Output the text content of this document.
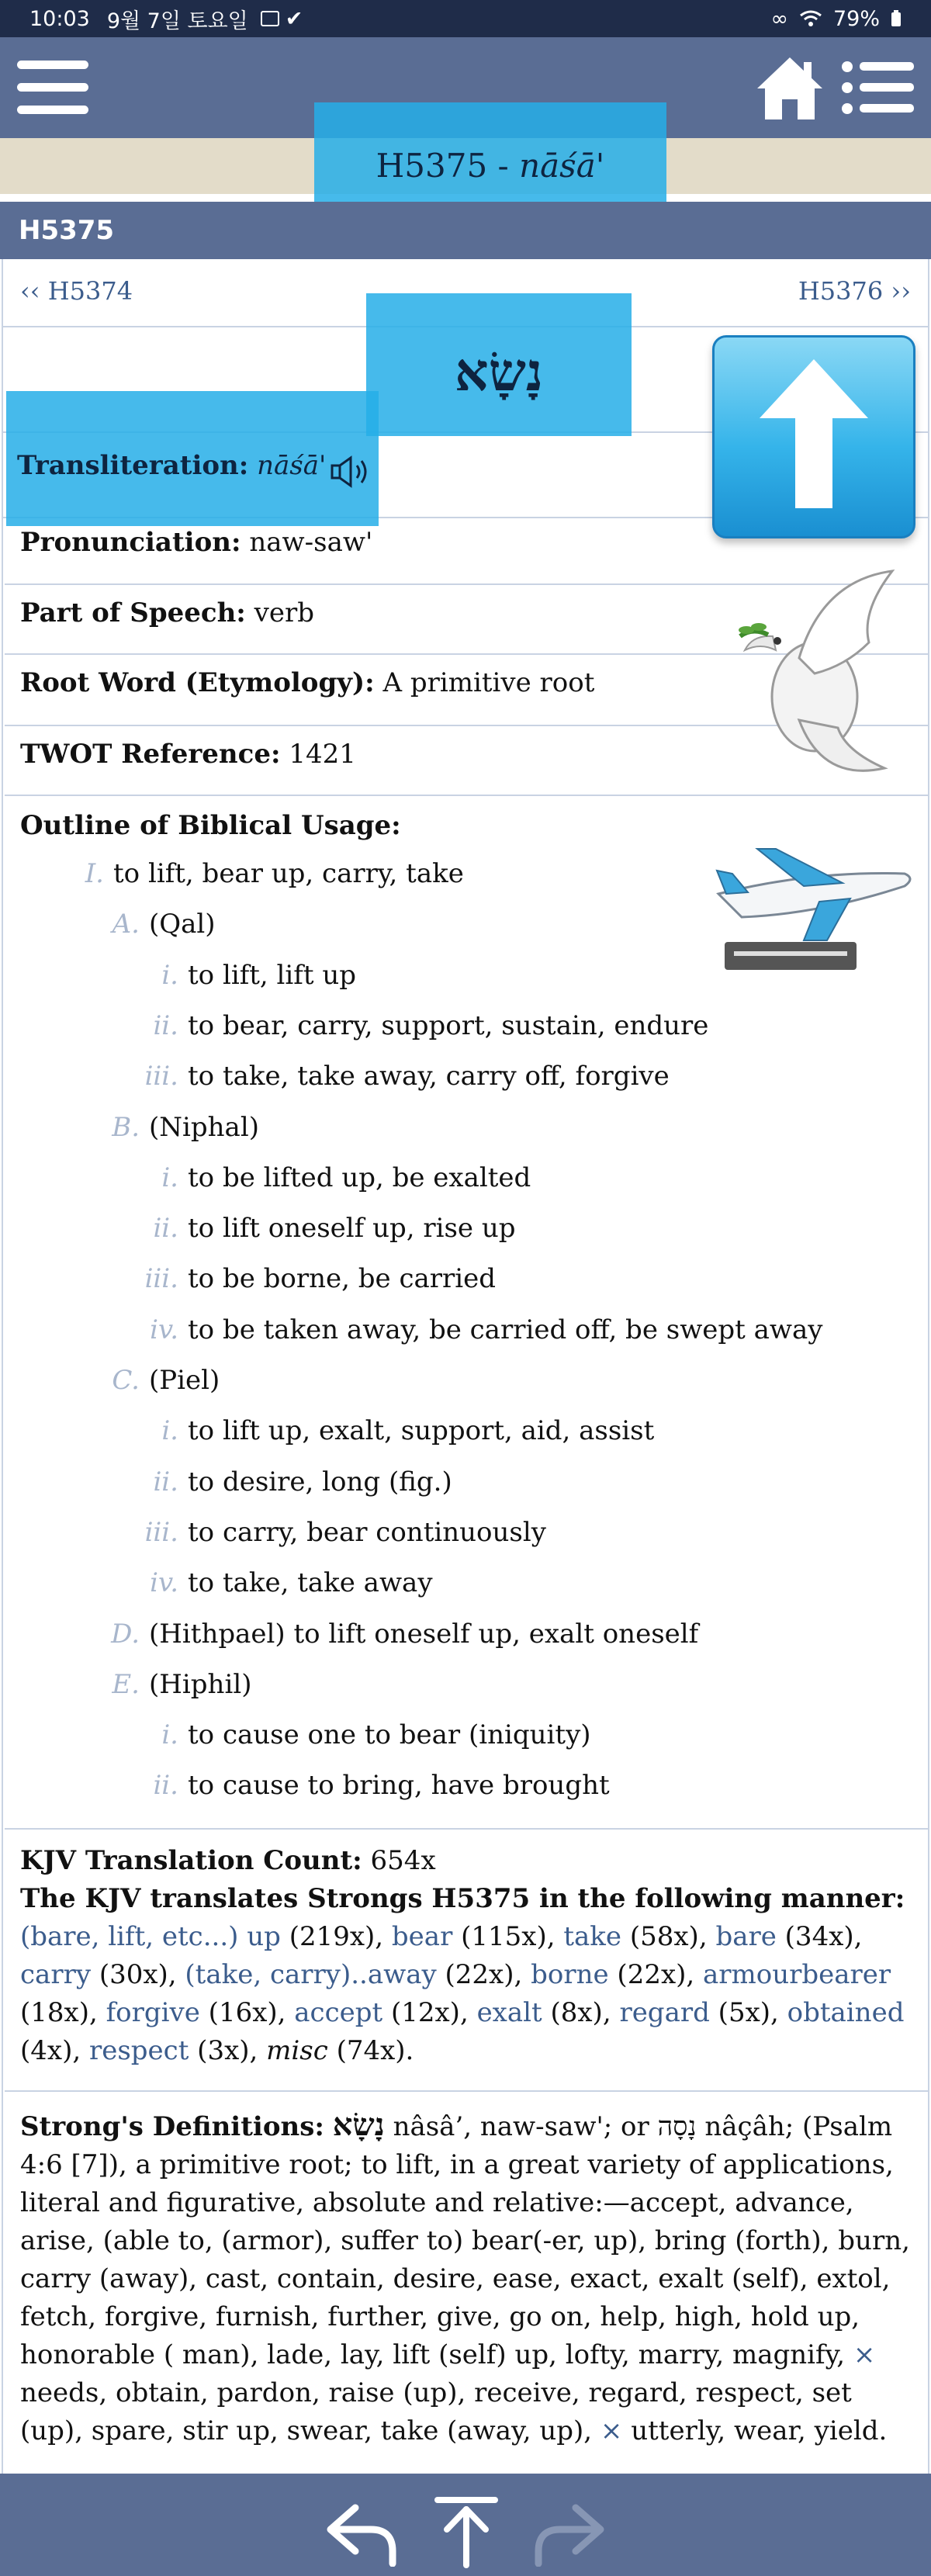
10:03 9월 7일 토요일 ✔	∞ 79%
H5375 - nāśā'
H5375
‹‹ H5374	H5376 ››
Pronunciation: naw-saw'
Part of Speech: verb
Root Word (Etymology): A primitive root
TWOT Reference: 1421
Outline of Biblical Usage:
I. to lift, bear up, carry, take
A. (Qal)
i. to lift, lift up
ii. to bear, carry, support, sustain, endure
iii. to take, take away, carry off, forgive
B. (Niphal)
i. to be lifted up, be exalted
ii. to lift oneself up, rise up
iii. to be borne, be carried
iv. to be taken away, be carried off, be swept away
C. (Piel)
i. to lift up, exalt, support, aid, assist
ii. to desire, long (fig.)
iii. to carry, bear continuously
iv. to take, take away
D. (Hithpael) to lift oneself up, exalt oneself
E. (Hiphil)
i. to cause one to bear (iniquity)
ii. to cause to bring, have brought
KJV Translation Count: 654x
The KJV translates Strongs H5375 in the following manner: (bare, lift, etc...) up (219x), bear (115x), take (58x), bare (34x), carry (30x), (take, carry)..away (22x), borne (22x), armourbearer (18x), forgive (16x), accept (12x), exalt (8x), regard (5x), obtained (4x), respect (3x), misc (74x).
Strong's Definitions: נָשָׂא nâsâ’, naw-saw'; or נָסָה nâçâh; (Psalm 4:6 [7]), a primitive root; to lift, in a great variety of applications, literal and figurative, absolute and relative:—accept, advance, arise, (able to, (armor), suffer to) bear(-er, up), bring (forth), burn, carry (away), cast, contain, desire, ease, exact, exalt (self), extol, fetch, forgive, furnish, further, give, go on, help, high, hold up, honorable ( man), lade, lay, lift (self) up, lofty, marry, magnify, × needs, obtain, pardon, raise (up), receive, regard, respect, set (up), spare, stir up, swear, take (away, up), × utterly, wear, yield.
נָשָׂא
Transliteration: nāśā'
